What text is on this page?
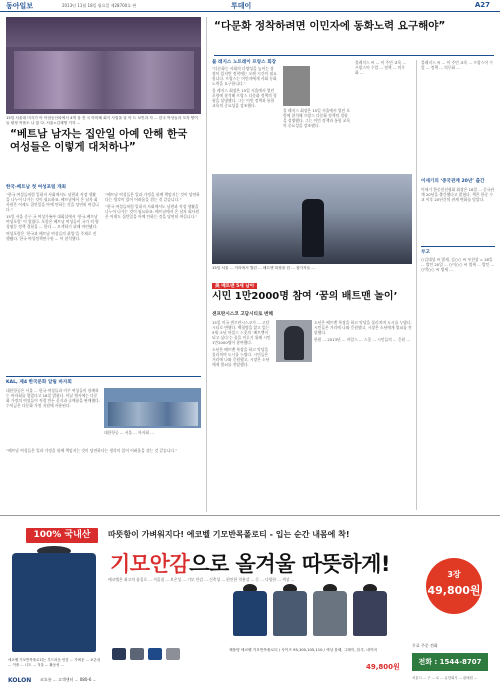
동아일보	2013년 11월 18일 월요일 제28700호 판	투데이	A27
15일 서울대 미식가 아 아침동산파에서 4개 상 전 국 아미혜 회식 사업을 알 아 트 보인과 자 ... 한국 여성들과 모자 양이들 원정 작품도 나 있 다. 서울=김재명 기자 ...
“베트남 남자는 집안일 아예 안해 한국 여성들은 이렇게 대처하나”
한국-베트남 첫 여성포럼 개최

“한국 여성들처럼 일하지 사회에서도 남편과 직장 생활을 나누어 나가는 것이 필요하죠. 베트남에서 온 남자 회사원은 어제도 집안일을 아예 안하는 것을 당연히 여깁니다.”

15일 서울 중구 국 여성가족부 대회실에서 ‘한국-베트남 여성포럼’ 이 열렸다. 포럼은 베트남 여성들이 국가 의 양성평등 정책 경험을 ... 한다 ... 모색하기 위해 마련됐다.

여성포럼은 ‘한국과 베트남 여성들의 취업’을 주제로 진행됐다. 한국 여성정책연구원 ... 이 참석했다.

“베트남 여성들은 일과 가정을 함께 책임지는 것이 당연하다는 생각이 있어 어려움을 겪는 것 같습니다.”

“한국 여성들처럼 일하지 사회에서도 남편과 직장 생활을 나누어 나가는 것이 필요하죠. 베트남에서 온 남자 회사원은 어제도 집안일을 아예 안하는 것을 당연히 여깁니다.”

KAL, 제4 한국문화 알림 바자회
대한항공은 서울 ... 한국 여성들과 이주 여성들이 함께하는 바자회를 열었다고 18일 밝혔다. 이날 행사에는 다문화 가정의 여성들이 직접 만든 음식과 공예품을 판매했다. 수익금은 다문화 가정 지원에 사용된다.
대한항공 ... 서울 ... 바자회 ...
“베트남 여성들은 일과 가정을 함께 책임지는 것이 당연하다는 생각이 있어 어려움을 겪는 것 같습니다.”
“다문화 정착하려면 이민자에 동화노력 요구해야”
불 레지스 노트레이 프랑스 회장

“다문화는 사회의 다양성을 높이는 장점이 있지만 정착에는 오랜 시간이 필요합니다. 프랑스는 이민자에게 사회 동화 노력을 요구합니다.”

불 레지스 회장은 15일 서울에서 열린 포럼에 참석해 프랑스 다문화 정책의 경험을 설명했다. 그는 이민 정책과 통합 교육의 중요성을 강조했다.

불 레지스 회장은 15일 서울에서 열린 포럼에 참석해 프랑스 다문화 정책의 경험을 설명했다. 그는 이민 정책과 통합 교육의 중요성을 강조했다.
불레지스 씨 ... 이 주민 교육 ... 프랑스어 수업 ... 정책 ... 의무화 ...
15일 서울 ... 거리에서 열린 ... 배트맨 복장을 한 ... 참가자들 ...
불레지스 씨 ... 이 주민 교육 ... 프랑스어 수업 ... 정책 ... 의무화 ...
이세기의 ‘중국관계 20년’ 출간
이세기 한중친선협회 회장은 16일 ... 중국관계 20년을 출간했다고 밝혔다. 책은 한중 수교 이후 20년간의 관계 변화를 담았다.
부고
○김대성 씨 별세, 김○○ 씨 부친상 = 18일 ... 발인 20일 ... ○이○○ 씨 별세 ... 발인 ... ○박○○ 씨 별세 ...
美 배트맨 5세 남아
시민 1만2000명 참여 ‘꿈의 배트맨 놀이’
샌프란시스코 고담시티로 변해

15일 미국 샌프란시스코가 ... 고담시티로 변했다. 백혈병을 앓고 있는 5세 소년 마일스 스콧의 ‘배트맨이 되고 싶다’는 꿈을 이루기 위해 시민 1만2000명이 참여했다.

소년은 배트맨 복장을 하고 악당을 물리치며 도시를 누볐다. 시민들은 거리에 나와 응원했고, 시장은 소년에게 열쇠를 전달했다.

소년은 배트맨 복장을 하고 악당을 물리치며 도시를 누볐다. 시민들은 거리에 나와 응원했고, 시장은 소년에게 열쇠를 전달했다.

한편 ... 2013년 ... 마일스 ... 스콧 ... 시민들의 ... 응원 ...

100% 국내산	따뜻함이 가벼워지다! 에코벨 기모반목폴로티 - 입는 순간 내몸에 착!
기모안감으로 올겨울 따뜻하게!	3장
49,800원
에코벨은 최고의 품질로 ... 겨울철 ... 보온성 ... 기모 안감 ... 신축성 ... 편안한 착용감 ... 등 ... 다양한 ... 색상 ...
에코벨 기모반목폴로티는 부드러운 안감 ... 가벼운 ... 보온성 ... 이중 ... 니트 ... 겨울 ... 활동성 ...
제품명 에코벨 기모반목폴로티 / 사이즈 95,100,105,110 / 색상 블랙, 그레이, 블루, 네이비
49,800원
무료 주문 전화
전화 : 1544-8707
서울시 ... 구 ... 로 ... 유한회사 ... 판매원 ...
KOLON 코오롱 ... 고객센터 ... 080-6 ...
